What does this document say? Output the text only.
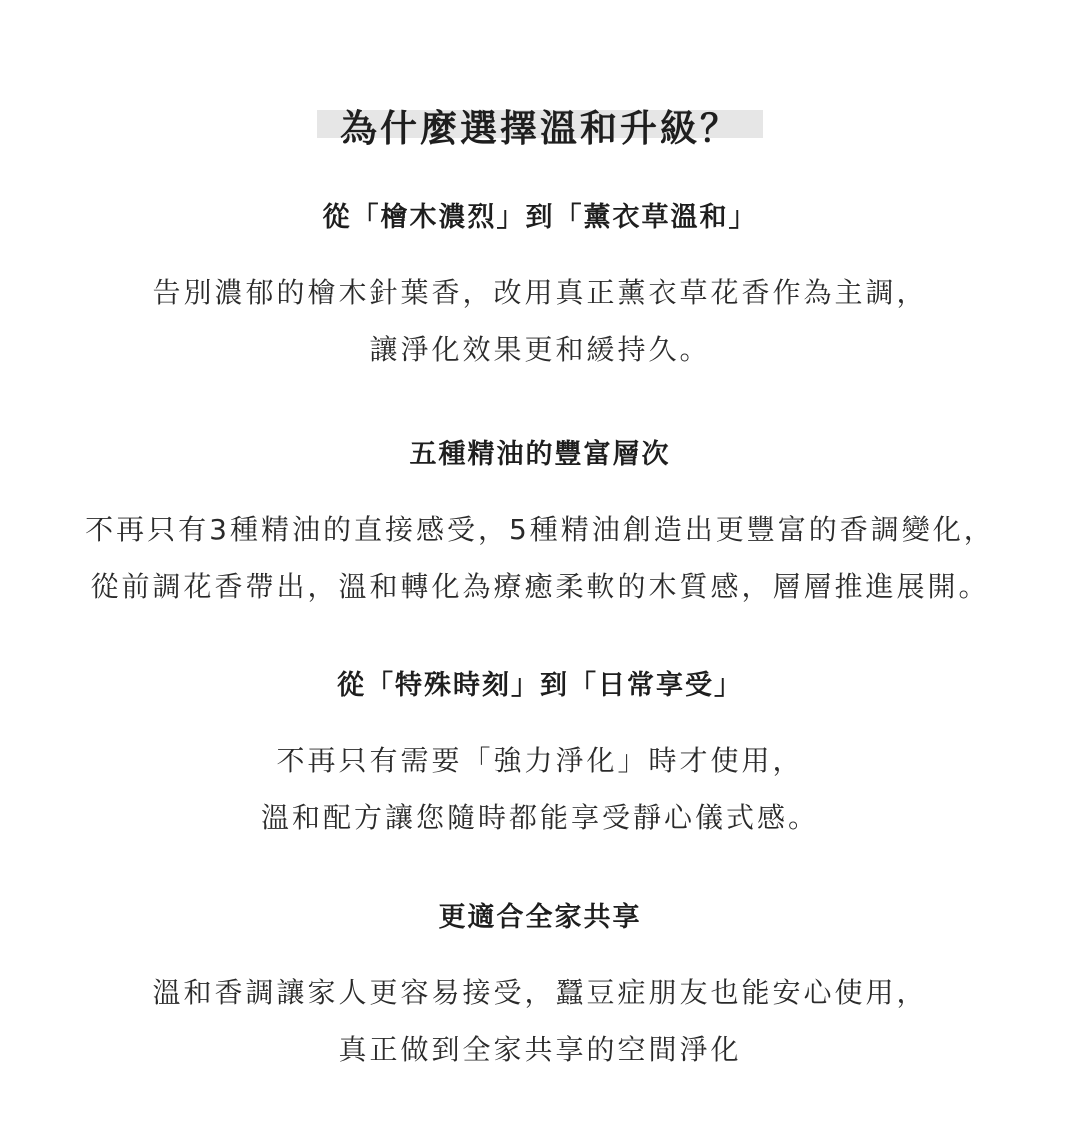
為什麼選擇溫和升級？
從「檜木濃烈」到「薰衣草溫和」
告別濃郁的檜木針葉香，改用真正薰衣草花香作為主調，
讓淨化效果更和緩持久。
五種精油的豐富層次
不再只有3種精油的直接感受，5種精油創造出更豐富的香調變化，
從前調花香帶出，溫和轉化為療癒柔軟的木質感，層層推進展開。
從「特殊時刻」到「日常享受」
不再只有需要「強力淨化」時才使用，
溫和配方讓您隨時都能享受靜心儀式感。
更適合全家共享
溫和香調讓家人更容易接受，蠶豆症朋友也能安心使用，
真正做到全家共享的空間淨化
